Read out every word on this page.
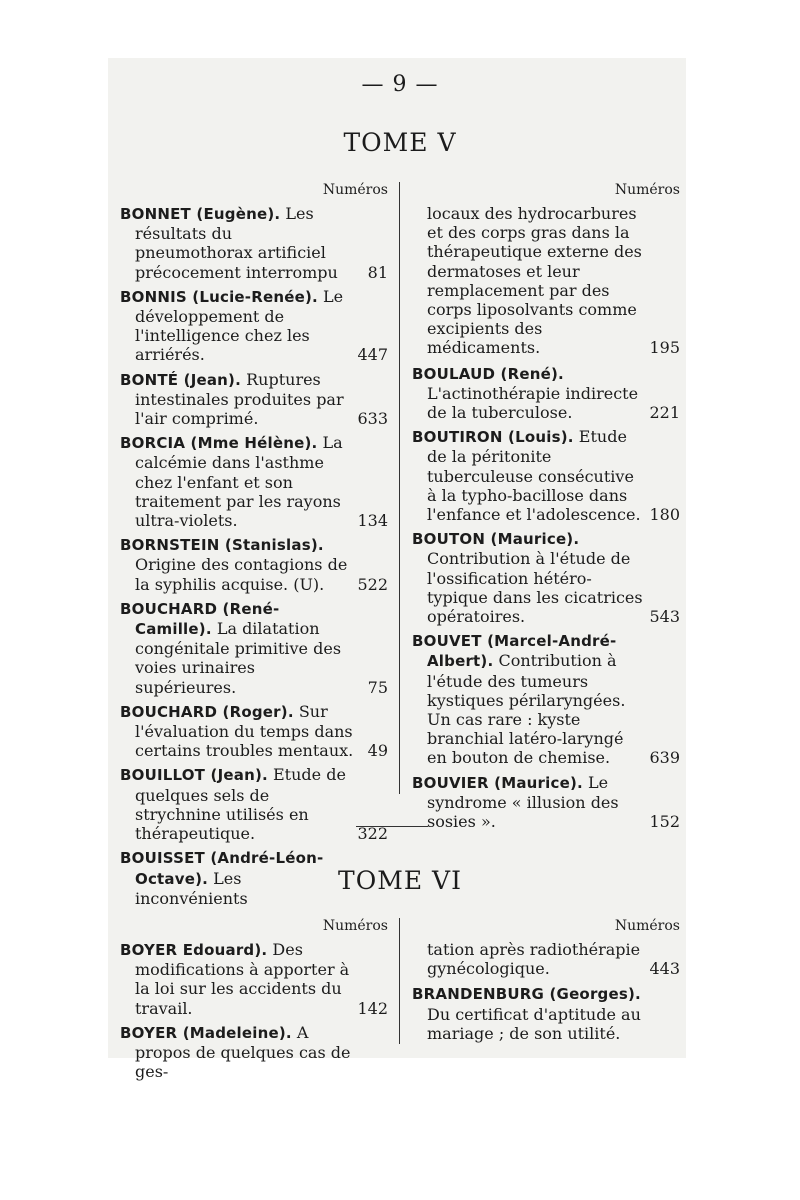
— 9 —
TOME V
Numéros	Numéros
BONNET (Eugène). Les résultats du pneumothorax artificiel précocement interrompu 81
BONNIS (Lucie-Renée). Le développement de l'intelligence chez les arriérés.	447
BONTÉ (Jean). Ruptures intestinales produites par l'air comprimé.	633
BORCIA (Mme Hélène). La calcémie dans l'asthme chez l'enfant et son traitement par les rayons ultra-violets.	134
BORNSTEIN (Stanislas). Origine des contagions de la syphilis acquise. (U). 522
BOUCHARD (René-Camille). La dilatation congénitale primitive des voies urinaires supérieures.	75
BOUCHARD (Roger). Sur l'évaluation du temps dans certains troubles mentaux. 49
BOUILLOT (Jean). Etude de quelques sels de strychnine utilisés en thérapeutique.	322
BOUISSET (André-Léon-Octave). Les inconvénients
locaux des hydrocarbures et des corps gras dans la thérapeutique externe des dermatoses et leur remplacement par des corps liposolvants comme excipients des médicaments.	195
BOULAUD (René). L'actinothérapie indirecte de la tuberculose.	221
BOUTIRON (Louis). Etude de la péritonite tuberculeuse consécutive à la typho-bacillose dans l'enfance et l'adolescence. 180
BOUTON (Maurice). Contribution à l'étude de l'ossification hétéro-typique dans les cicatrices opératoires.	543
BOUVET (Marcel-André-Albert). Contribution à l'étude des tumeurs kystiques périlaryngées. Un cas rare : kyste branchial latéro-laryngé en bouton de chemise. 639
BOUVIER (Maurice). Le syndrome « illusion des sosies ».	152
TOME VI
Numéros	Numéros
BOYER Edouard). Des modifications à apporter à la loi sur les accidents du travail.	142
BOYER (Madeleine). A propos de quelques cas de ges-
tation après radiothérapie gynécologique.	443
BRANDENBURG (Georges). Du certificat d'aptitude au mariage ; de son utilité.
